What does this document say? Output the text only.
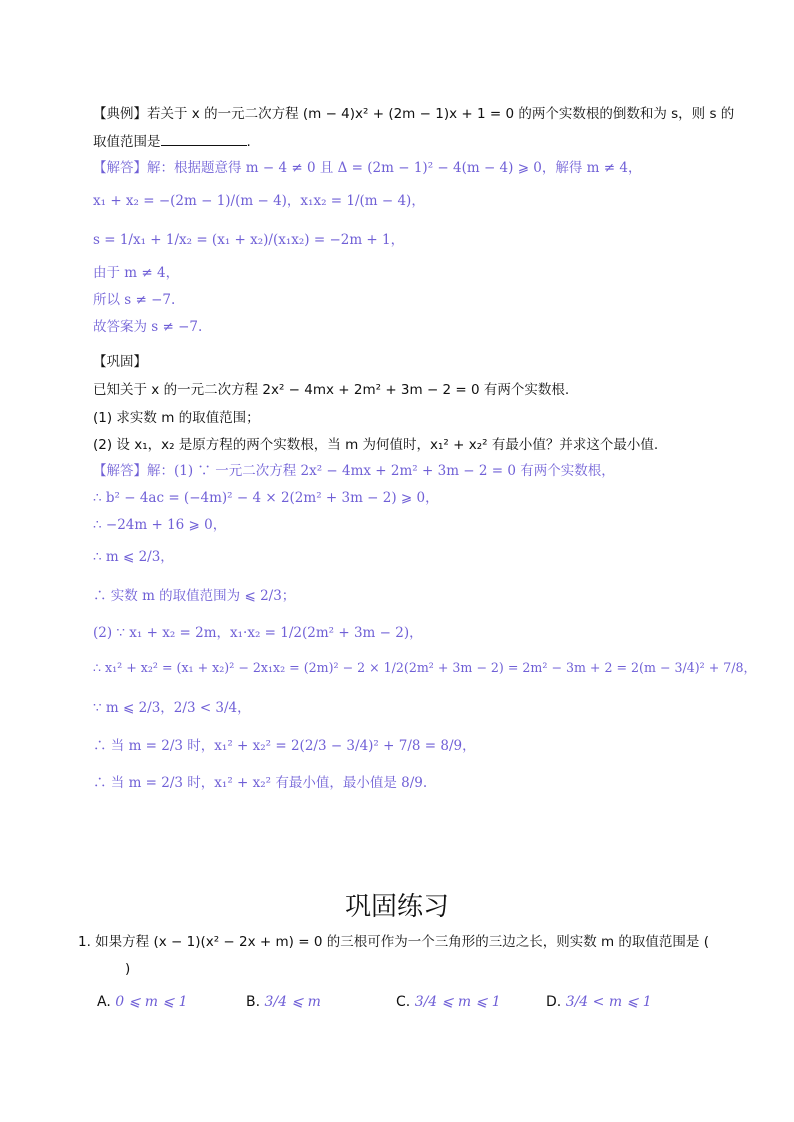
【典例】若关于 x 的一元二次方程 (m − 4)x² + (2m − 1)x + 1 = 0 的两个实数根的倒数和为 s，则 s 的
取值范围是	.
【解答】解：根据题意得 m − 4 ≠ 0 且 Δ = (2m − 1)² − 4(m − 4) ⩾ 0，解得 m ≠ 4，
x₁ + x₂ = −(2m − 1)/(m − 4)，x₁x₂ = 1/(m − 4)，
s = 1/x₁ + 1/x₂ = (x₁ + x₂)/(x₁x₂) = −2m + 1，
由于 m ≠ 4，
所以 s ≠ −7.
故答案为 s ≠ −7.
【巩固】
已知关于 x 的一元二次方程 2x² − 4mx + 2m² + 3m − 2 = 0 有两个实数根.
(1) 求实数 m 的取值范围；
(2) 设 x₁，x₂ 是原方程的两个实数根，当 m 为何值时，x₁² + x₂² 有最小值？并求这个最小值.
【解答】解：(1) ∵ 一元二次方程 2x² − 4mx + 2m² + 3m − 2 = 0 有两个实数根，
∴ b² − 4ac = (−4m)² − 4 × 2(2m² + 3m − 2) ⩾ 0，
∴ −24m + 16 ⩾ 0，
∴ m ⩽ 2/3，
∴ 实数 m 的取值范围为 ⩽ 2/3；
(2) ∵ x₁ + x₂ = 2m，x₁·x₂ = 1/2(2m² + 3m − 2)，
∴ x₁² + x₂² = (x₁ + x₂)² − 2x₁x₂ = (2m)² − 2 × 1/2(2m² + 3m − 2) = 2m² − 3m + 2 = 2(m − 3/4)² + 7/8，
∵ m ⩽ 2/3，2/3 < 3/4，
∴ 当 m = 2/3 时，x₁² + x₂² = 2(2/3 − 3/4)² + 7/8 = 8/9，
∴ 当 m = 2/3 时，x₁² + x₂² 有最小值，最小值是 8/9.
巩固练习
1. 如果方程 (x − 1)(x² − 2x + m) = 0 的三根可作为一个三角形的三边之长，则实数 m 的取值范围是 (
)
A. 0 ⩽ m ⩽ 1	B. 3/4 ⩽ m	C. 3/4 ⩽ m ⩽ 1	D. 3/4 < m ⩽ 1
